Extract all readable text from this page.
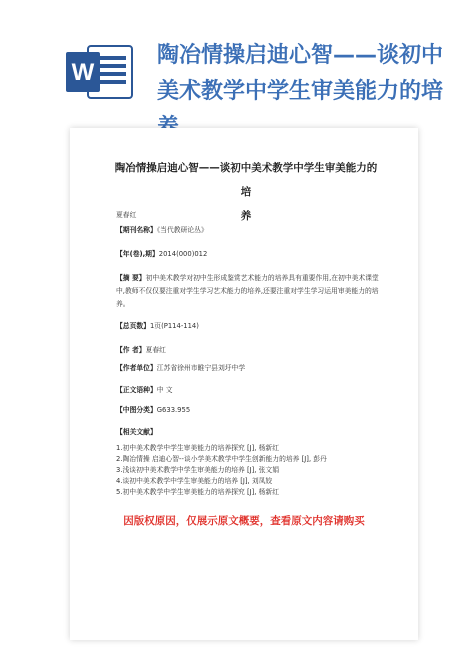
W
陶冶情操启迪心智——谈初中
美术教学中学生审美能力的培
陶冶情操启迪心智——谈初中美术教学中学生审美能力的培
养
夏春红
【期刊名称】《当代教研论丛》
【年(卷),期】2014(000)012
【摘 要】初中美术教学对初中生形成鉴赏艺术能力的培养具有重要作用,在初中美术课堂中,教师不仅仅要注重对学生学习艺术能力的培养,还要注重对学生学习运用审美能力的培养。
【总页数】1页(P114-114)
【作 者】夏春红
【作者单位】江苏省徐州市睢宁县刘圩中学
【正文语种】中 文
【中图分类】G633.955
【相关文献】
1.初中美术教学中学生审美能力的培养探究 [J], 杨新红
2.陶冶情操 启迪心智--谈小学美术教学中学生创新能力的培养 [J], 彭丹
3.浅谈初中美术教学中学生审美能力的培养 [J], 张文娟
4.谈初中美术教学中学生审美能力的培养 [J], 刘凤姣
5.初中美术教学中学生审美能力的培养探究 [J], 杨新红
因版权原因，仅展示原文概要，查看原文内容请购买
